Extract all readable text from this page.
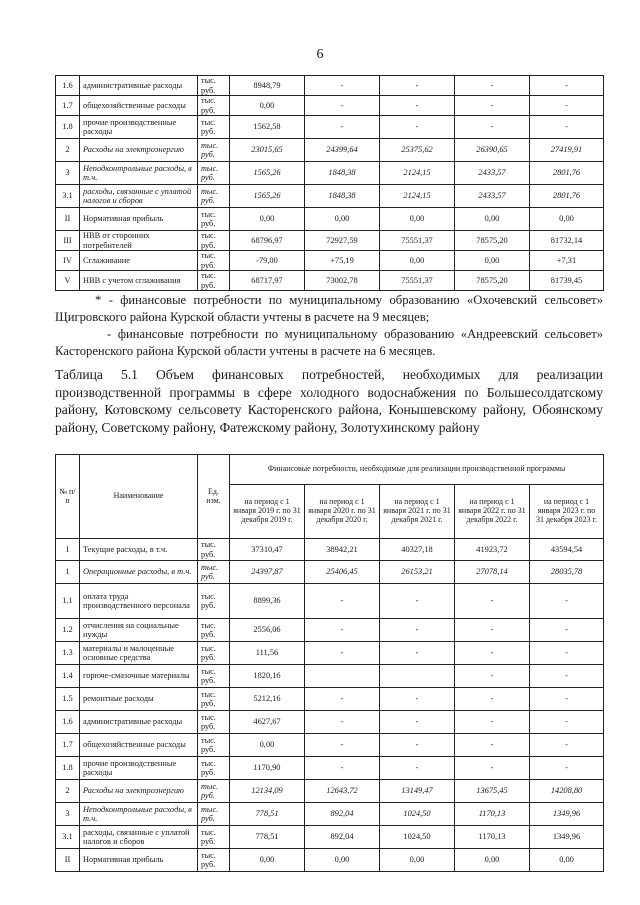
6
1.6	административные расходы	тыс. руб.	8948,79	-	-	-	-
1.7	общехозяйственные расходы	тыс. руб.	0,00	-	-	-	-
1.8	прочие производственные расходы	тыс. руб.	1562,58	-	-	-	-
2	Расходы на электроэнергию	тыс. руб.	23015,65	24399,64	25375,62	26390,65	27419,91
3	Неподконтрольные расходы, в т.ч.	тыс. руб.	1565,26	1848,38	2124,15	2433,57	2801,76
3.1	расходы, связанные с уплатой налогов и сборов	тыс. руб.	1565,26	1848,38	2124,15	2433,57	2801,76
II	Нормативная прибыль	тыс. руб.	0,00	0,00	0,00	0,00	0,00
III	НВВ от сторонних потребителей	тыс. руб.	68796,97	72927,59	75551,37	78575,20	81732,14
IV	Сглаживание	тыс. руб.	-79,00	+75,19	0,00	0,00	+7,31
V	НВВ с учетом сглаживания	тыс. руб.	68717,97	73002,78	75551,37	78575,20	81739,45

* - финансовые потребности по муниципальному образованию «Охочевский сельсовет» Щигровского района Курской области учтены в расчете на 9 месяцев;

- финансовые потребности по муниципальному образованию «Андреевский сельсовет» Касторенского района Курской области учтены в расчете на 6 месяцев.

Таблица 5.1 Объем финансовых потребностей, необходимых для реализации производственной программы в сфере холодного водоснабжения по Большесолдатскому району, Котовскому сельсовету Касторенского района, Конышевскому району, Обоянскому району, Советскому району, Фатежскому району, Золотухинскому району
№ п/п	Наименование	Ед. изм.	Финансовые потребности, необходимые для реализации производственной программы				
			на период с 1 января 2019 г. по 31 декабря 2019 г.	на период с 1 января 2020 г. по 31 декабря 2020 г.	на период с 1 января 2021 г. по 31 декабря 2021 г.	на период с 1 января 2022 г. по 31 декабря 2022 г.	на период с 1 января 2023 г. по 31 декабря 2023 г.
I	Текущие расходы, в т.ч.	тыс. руб.	37310,47	38942,21	40327,18	41923,72	43594,54
1	Операционные расходы, в т.ч.	тыс. руб.	24397,87	25406,45	26153,21	27078,14	28035,78
1.1	оплата труда производственного персонала	тыс. руб.	8899,36	-	-	-	-
1.2	отчисления на социальные нужды	тыс. руб.	2556,06	-	-	-	-
1.3	материалы и малоценные основные средства	тыс. руб.	111,56	-	-	-	-
1.4	горюче-смазочные материалы	тыс. руб.	1820,16			-	-
1.5	ремонтные расходы	тыс. руб.	5212,16	-	-	-	-
1.6	административные расходы	тыс. руб.	4627,67	-	-	-	-
1.7	общехозяйственные расходы	тыс. руб.	0,00	-	-	-	-
1.8	прочие производственные расходы	тыс. руб.	1170,90	-	-	-	-
2	Расходы на электроэнергию	тыс. руб.	12134,09	12643,72	13149,47	13675,45	14208,80
3	Неподконтрольные расходы, в т.ч.	тыс. руб.	778,51	892,04	1024,50	1170,13	1349,96
3.1	расходы, связанные с уплатой налогов и сборов	тыс. руб.	778,51	892,04	1024,50	1170,13	1349,96
II	Нормативная прибыль	тыс. руб.	0,00	0,00	0,00	0,00	0,00
